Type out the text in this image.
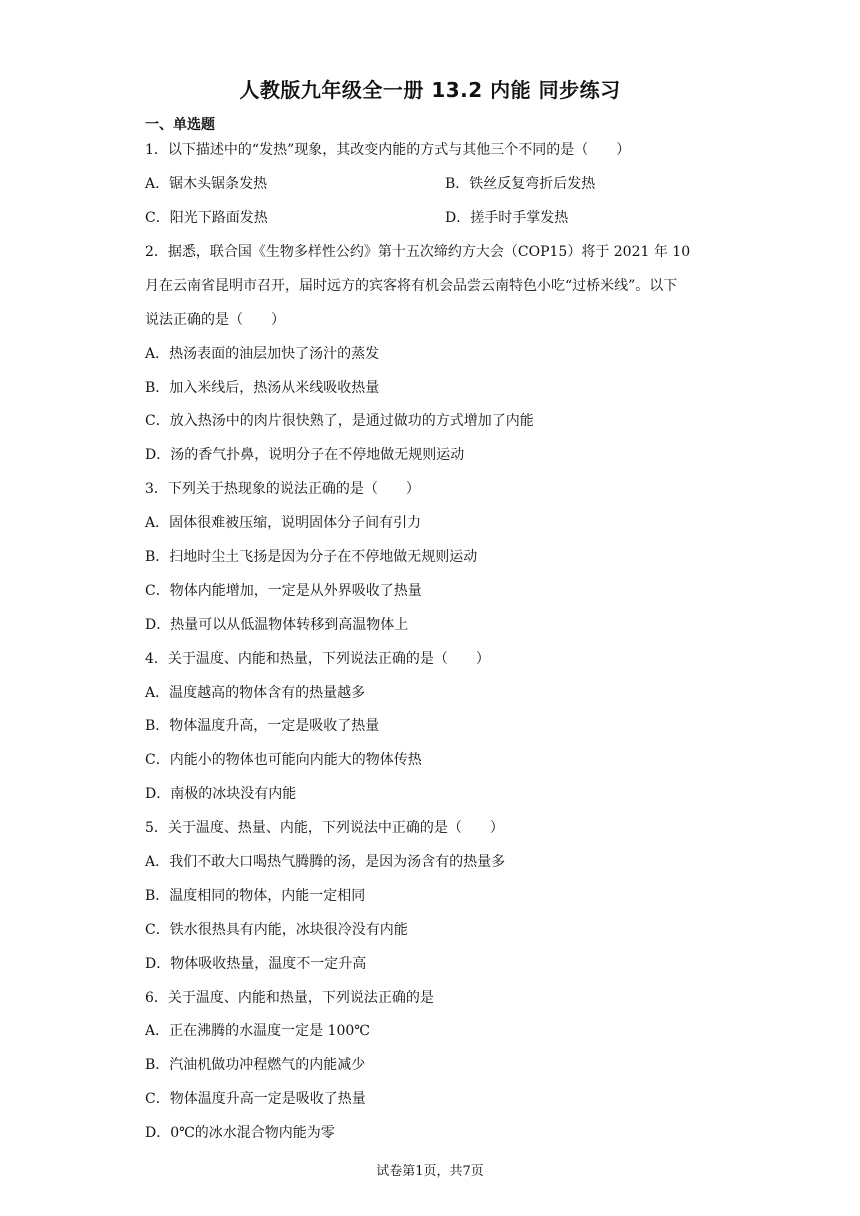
人教版九年级全一册 13.2 内能 同步练习
一、单选题
1．以下描述中的“发热”现象，其改变内能的方式与其他三个不同的是（　　）
A．锯木头锯条发热	B．铁丝反复弯折后发热
C．阳光下路面发热	D．搓手时手掌发热
2．据悉，联合国《生物多样性公约》第十五次缔约方大会（COP15）将于 2021 年 10
月在云南省昆明市召开，届时远方的宾客将有机会品尝云南特色小吃“过桥米线”。以下
说法正确的是（　　）
A．热汤表面的油层加快了汤汁的蒸发
B．加入米线后，热汤从米线吸收热量
C．放入热汤中的肉片很快熟了，是通过做功的方式增加了内能
D．汤的香气扑鼻，说明分子在不停地做无规则运动
3．下列关于热现象的说法正确的是（　　）
A．固体很难被压缩，说明固体分子间有引力
B．扫地时尘土飞扬是因为分子在不停地做无规则运动
C．物体内能增加，一定是从外界吸收了热量
D．热量可以从低温物体转移到高温物体上
4．关于温度、内能和热量，下列说法正确的是（　　）
A．温度越高的物体含有的热量越多
B．物体温度升高，一定是吸收了热量
C．内能小的物体也可能向内能大的物体传热
D．南极的冰块没有内能
5．关于温度、热量、内能，下列说法中正确的是（　　）
A．我们不敢大口喝热气腾腾的汤，是因为汤含有的热量多
B．温度相同的物体，内能一定相同
C．铁水很热具有内能，冰块很冷没有内能
D．物体吸收热量，温度不一定升高
6．关于温度、内能和热量，下列说法正确的是
A．正在沸腾的水温度一定是 100℃
B．汽油机做功冲程燃气的内能减少
C．物体温度升高一定是吸收了热量
D．0℃的冰水混合物内能为零
试卷第1页，共7页
